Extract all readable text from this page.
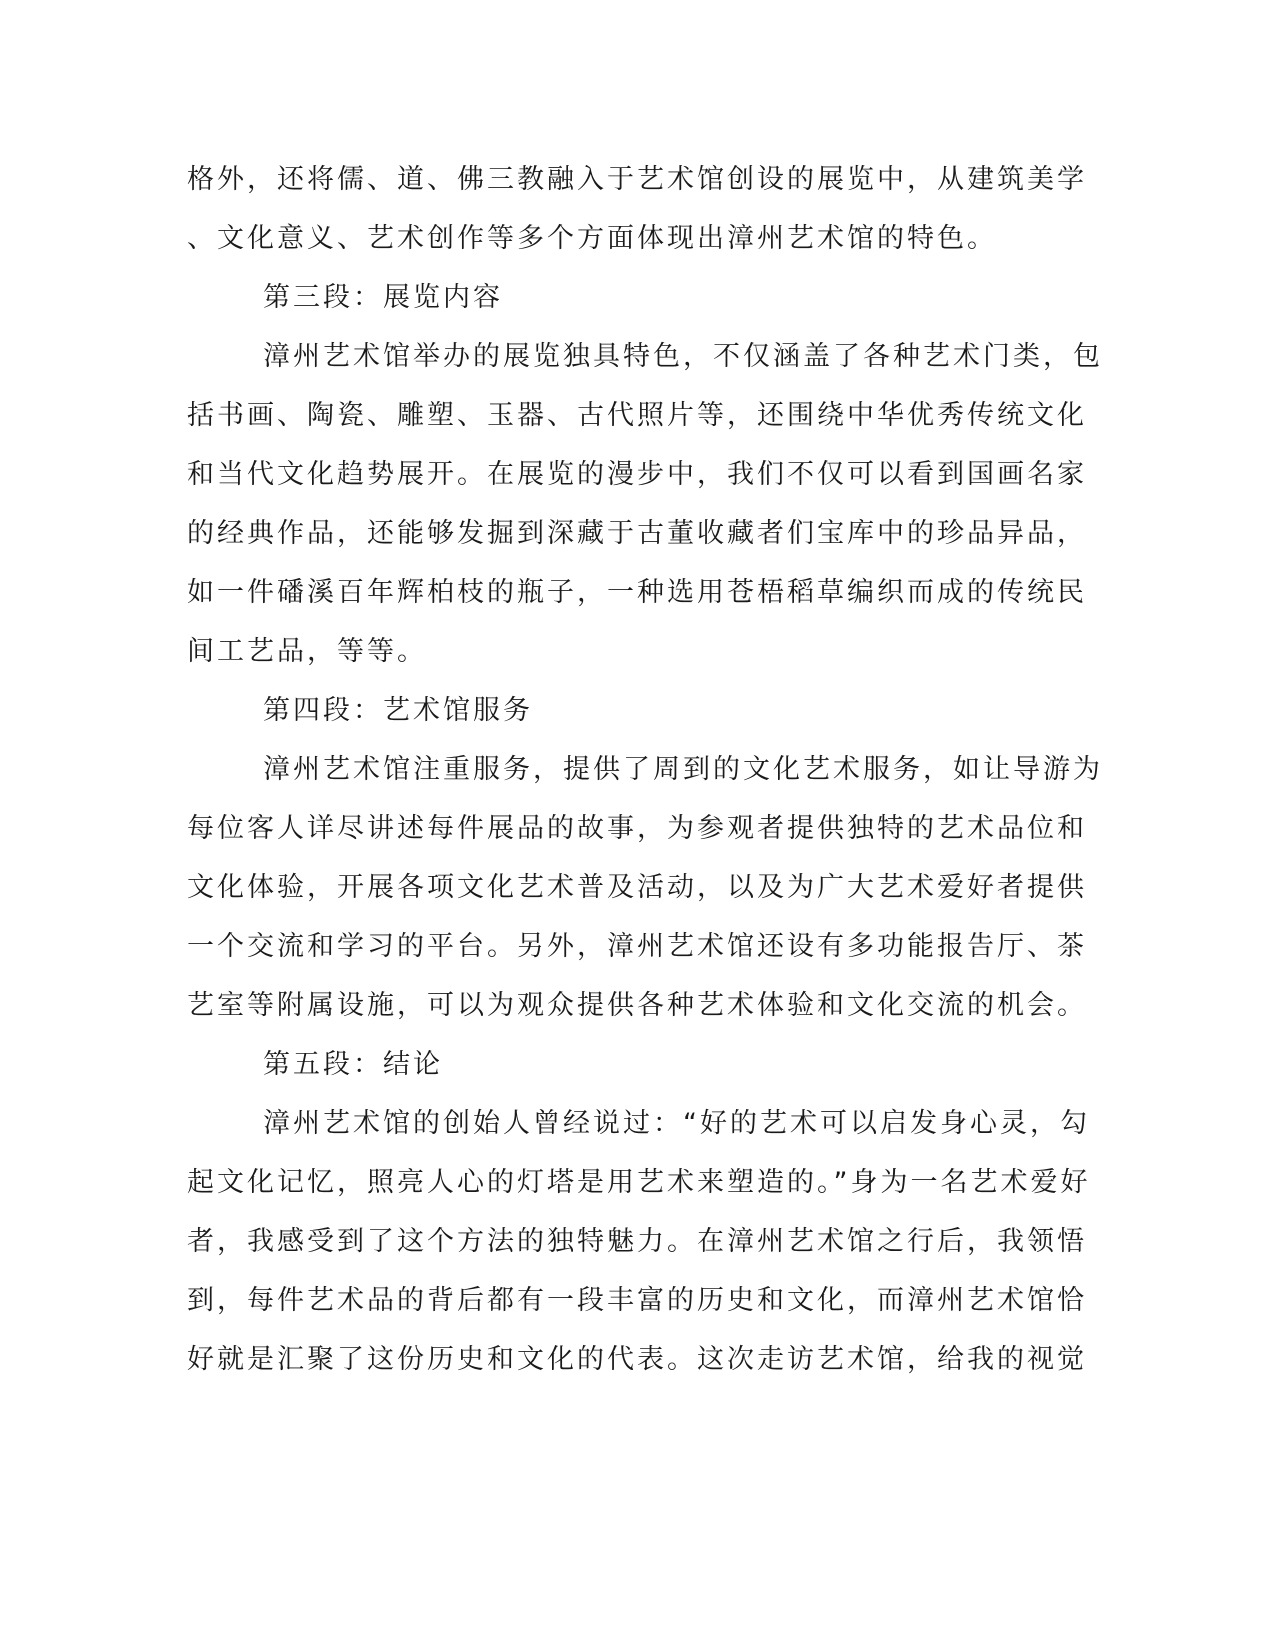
格外，还将儒、道、佛三教融入于艺术馆创设的展览中，从建筑美学
、文化意义、艺术创作等多个方面体现出漳州艺术馆的特色。
第三段：展览内容
漳州艺术馆举办的展览独具特色，不仅涵盖了各种艺术门类，包
括书画、陶瓷、雕塑、玉器、古代照片等，还围绕中华优秀传统文化
和当代文化趋势展开。在展览的漫步中，我们不仅可以看到国画名家
的经典作品，还能够发掘到深藏于古董收藏者们宝库中的珍品异品，
如一件磻溪百年辉柏枝的瓶子，一种选用苍梧稻草编织而成的传统民
间工艺品，等等。
第四段：艺术馆服务
漳州艺术馆注重服务，提供了周到的文化艺术服务，如让导游为
每位客人详尽讲述每件展品的故事，为参观者提供独特的艺术品位和
文化体验，开展各项文化艺术普及活动，以及为广大艺术爱好者提供
一个交流和学习的平台。另外，漳州艺术馆还设有多功能报告厅、茶
艺室等附属设施，可以为观众提供各种艺术体验和文化交流的机会。
第五段：结论
漳州艺术馆的创始人曾经说过：“好的艺术可以启发身心灵，勾
起文化记忆，照亮人心的灯塔是用艺术来塑造的。”身为一名艺术爱好
者，我感受到了这个方法的独特魅力。在漳州艺术馆之行后，我领悟
到，每件艺术品的背后都有一段丰富的历史和文化，而漳州艺术馆恰
好就是汇聚了这份历史和文化的代表。这次走访艺术馆，给我的视觉
